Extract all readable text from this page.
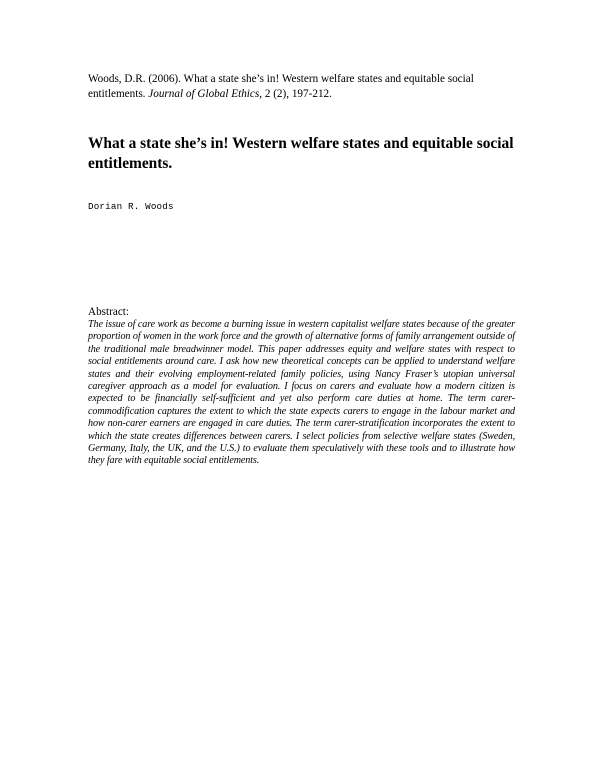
Woods, D.R. (2006). What a state she’s in! Western welfare states and equitable social entitlements. Journal of Global Ethics, 2 (2), 197-212.
What a state she’s in! Western welfare states and equitable social entitlements.
Dorian R. Woods
Abstract:

The issue of care work as become a burning issue in western capitalist welfare states because of the greater proportion of women in the work force and the growth of alternative forms of family arrangement outside of the traditional male breadwinner model. This paper addresses equity and welfare states with respect to social entitlements around care. I ask how new theoretical concepts can be applied to understand welfare states and their evolving employment-related family policies, using Nancy Fraser’s utopian universal caregiver approach as a model for evaluation. I focus on carers and evaluate how a modern citizen is expected to be financially self-sufficient and yet also perform care duties at home. The term carer-commodification captures the extent to which the state expects carers to engage in the labour market and how non-carer earners are engaged in care duties. The term carer-stratification incorporates the extent to which the state creates differences between carers. I select policies from selective welfare states (Sweden, Germany, Italy, the UK, and the U.S.) to evaluate them speculatively with these tools and to illustrate how they fare with equitable social entitlements.
